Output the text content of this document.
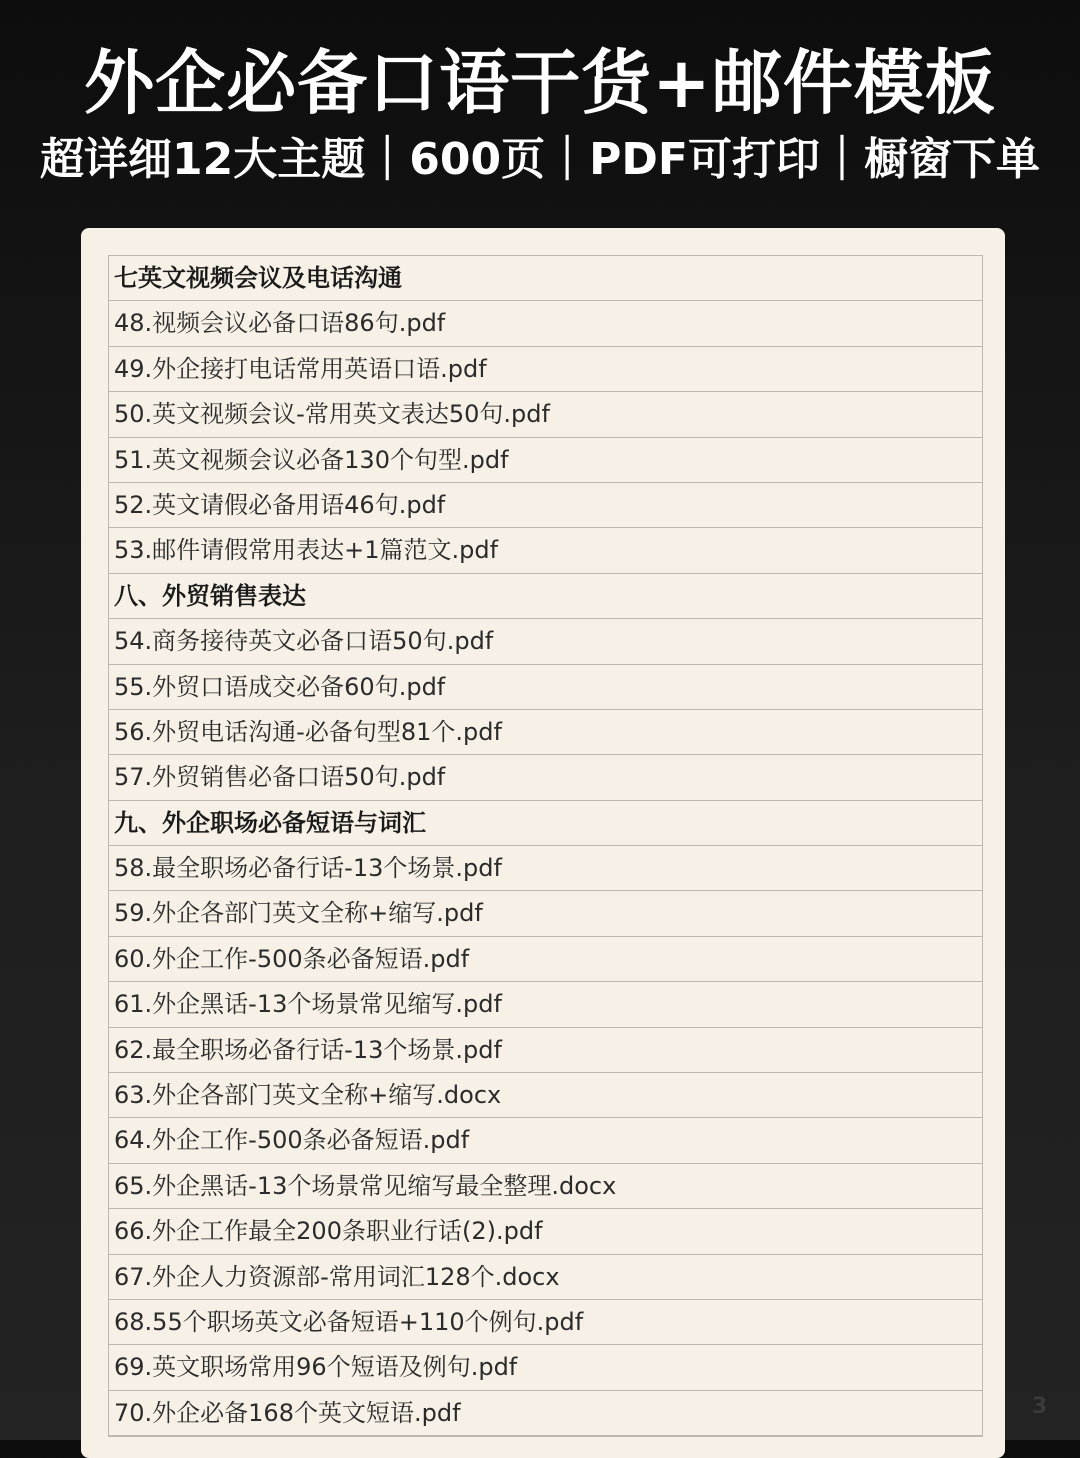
外企必备口语干货+邮件模板
超详细12大主题｜600页｜PDF可打印｜橱窗下单
七英文视频会议及电话沟通
48.视频会议必备口语86句.pdf
49.外企接打电话常用英语口语.pdf
50.英文视频会议-常用英文表达50句.pdf
51.英文视频会议必备130个句型.pdf
52.英文请假必备用语46句.pdf
53.邮件请假常用表达+1篇范文.pdf
八、外贸销售表达
54.商务接待英文必备口语50句.pdf
55.外贸口语成交必备60句.pdf
56.外贸电话沟通-必备句型81个.pdf
57.外贸销售必备口语50句.pdf
九、外企职场必备短语与词汇
58.最全职场必备行话-13个场景.pdf
59.外企各部门英文全称+缩写.pdf
60.外企工作-500条必备短语.pdf
61.外企黑话-13个场景常见缩写.pdf
62.最全职场必备行话-13个场景.pdf
63.外企各部门英文全称+缩写.docx
64.外企工作-500条必备短语.pdf
65.外企黑话-13个场景常见缩写最全整理.docx
66.外企工作最全200条职业行话(2).pdf
67.外企人力资源部-常用词汇128个.docx
68.55个职场英文必备短语+110个例句.pdf
69.英文职场常用96个短语及例句.pdf
70.外企必备168个英文短语.pdf	3
